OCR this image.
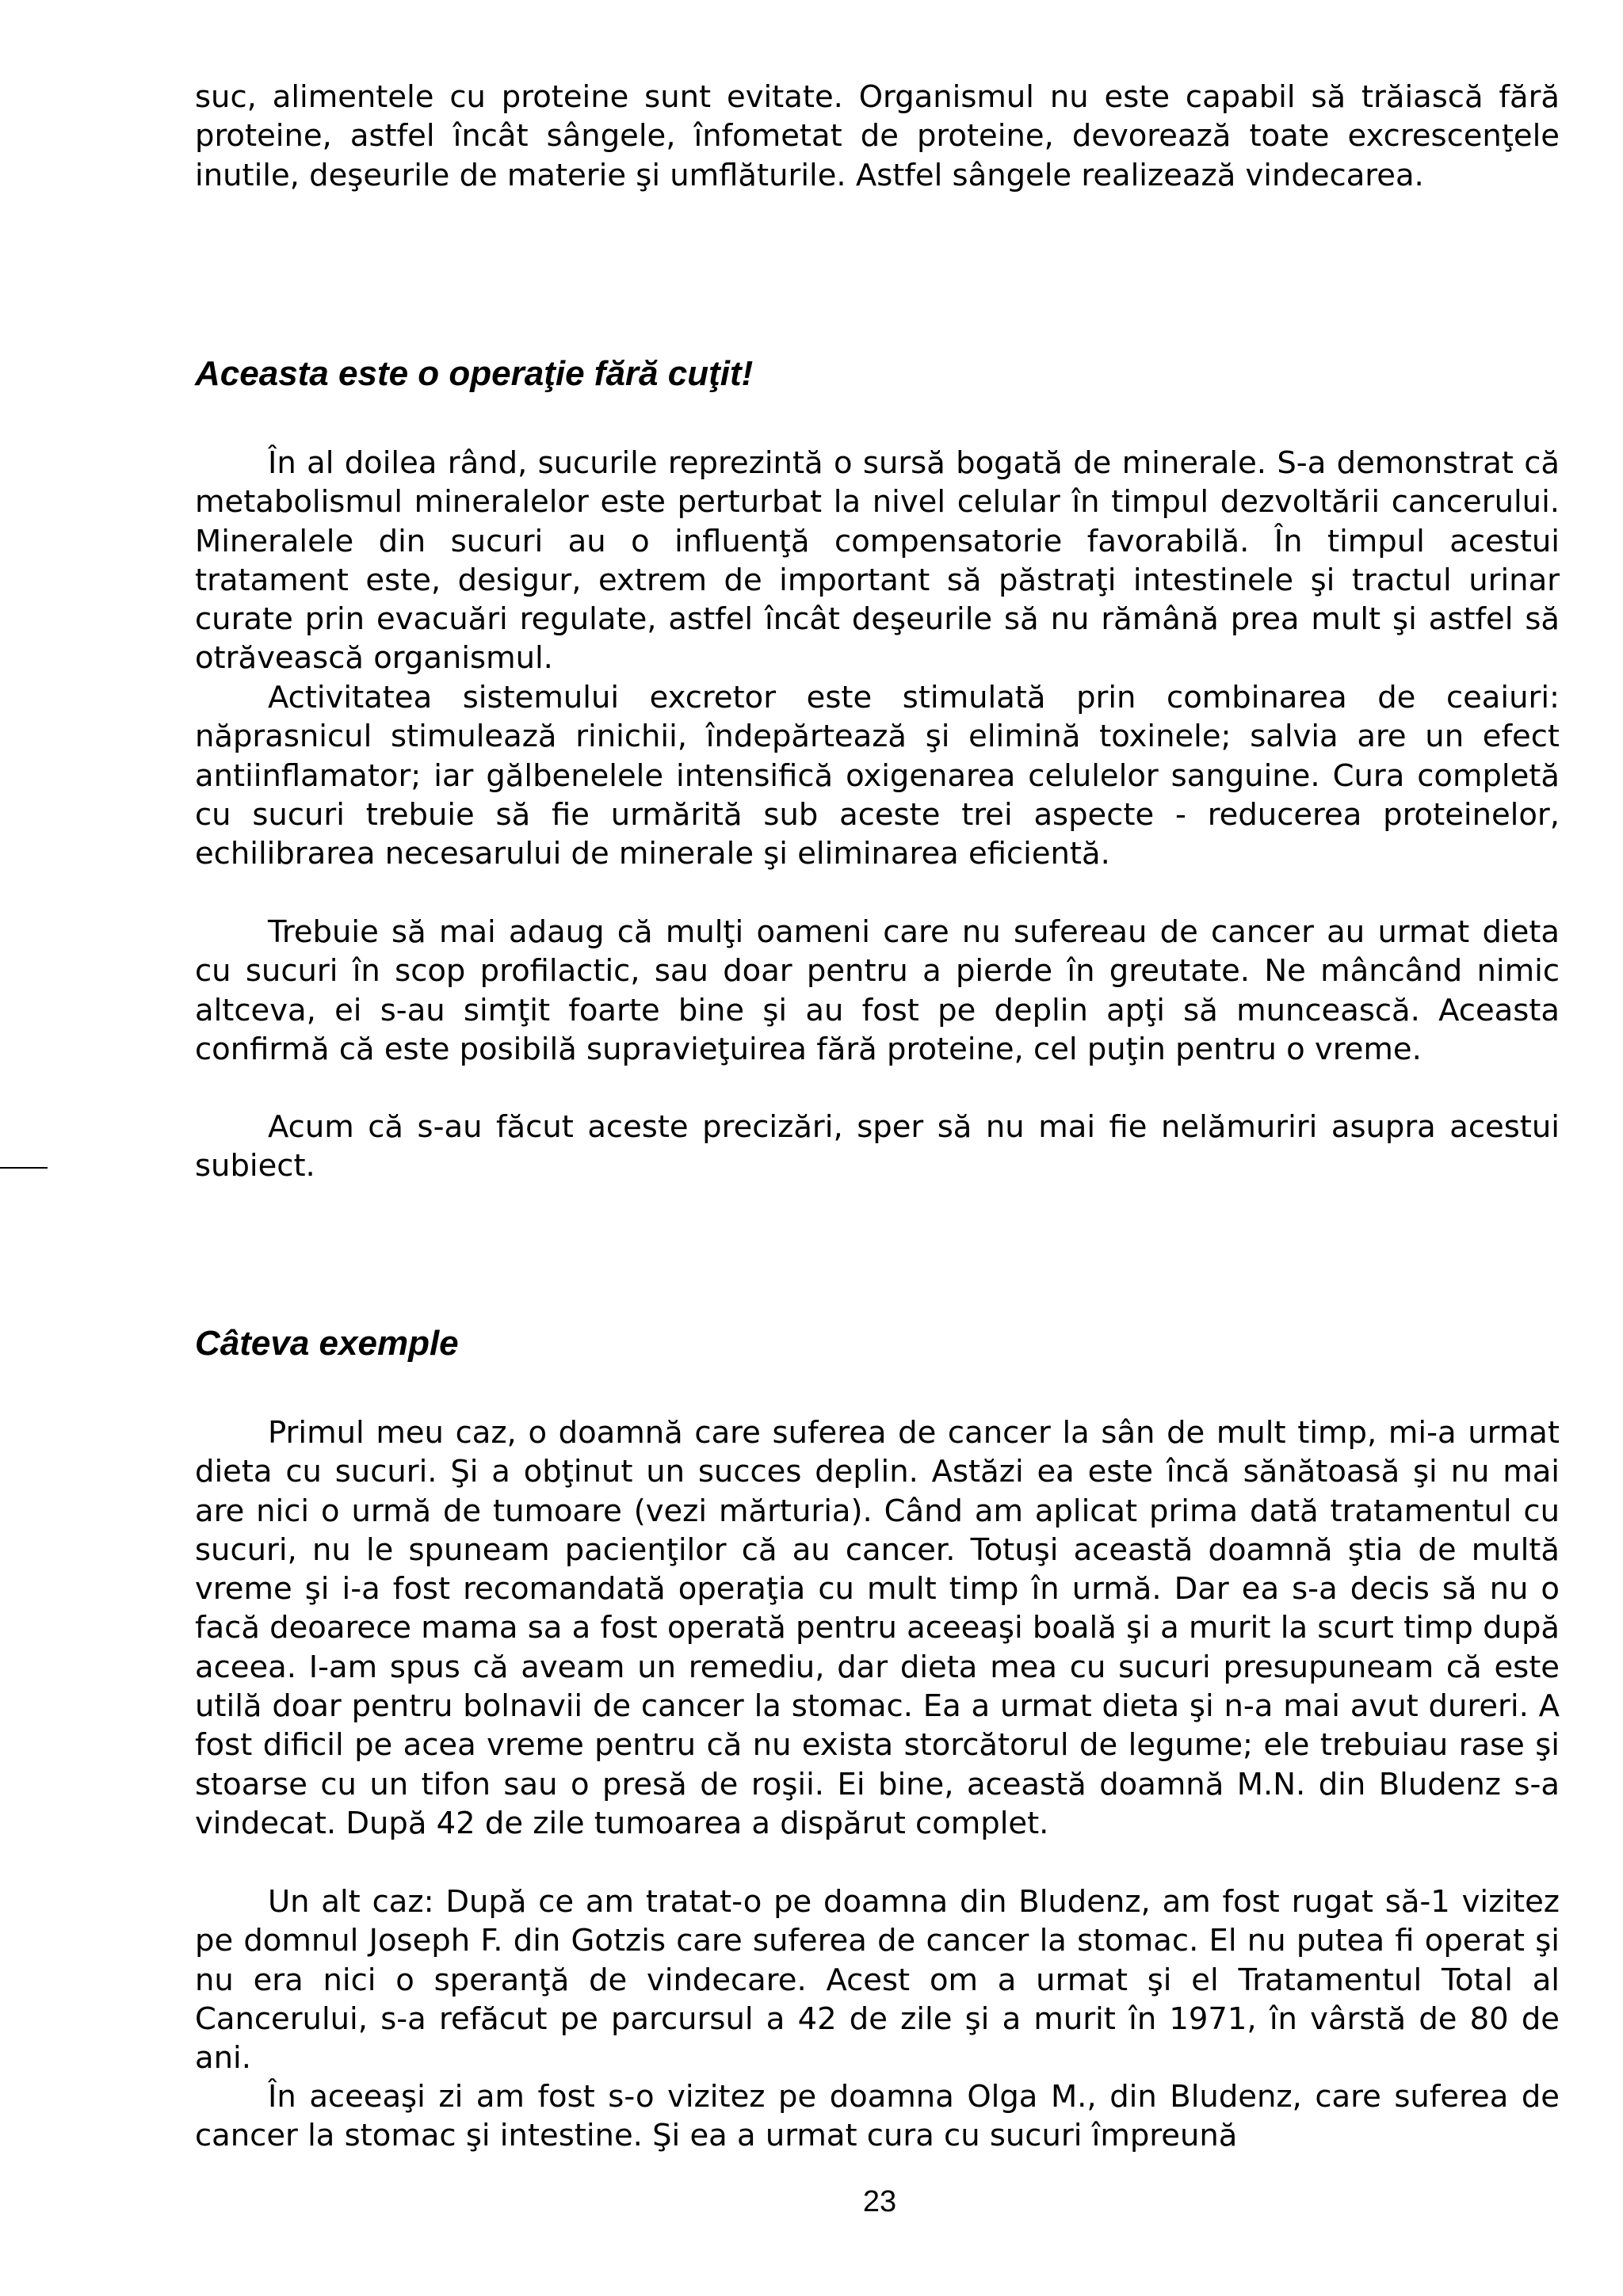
suc, alimentele cu proteine sunt evitate. Organismul nu este capabil să trăiască fără proteine, astfel încât sângele, înfometat de proteine, devorează toate excrescenţele inutile, deşeurile de materie şi umflăturile. Astfel sângele realizează vindecarea.

Aceasta este o operaţie fără cuţit!

În al doilea rând, sucurile reprezintă o sursă bogată de minerale. S-a demonstrat că metabolismul mineralelor este perturbat la nivel celular în timpul dezvoltării cancerului. Mineralele din sucuri au o influenţă compensatorie favorabilă. În timpul acestui tratament este, desigur, extrem de important să păstraţi intestinele şi tractul urinar curate prin evacuări regulate, astfel încât deşeurile să nu rămână prea mult şi astfel să otrăvească organismul.

Activitatea sistemului excretor este stimulată prin combinarea de ceaiuri: năprasnicul stimulează rinichii, îndepărtează şi elimină toxinele; salvia are un efect antiinflamator; iar gălbenelele intensifică oxigenarea celulelor sanguine. Cura completă cu sucuri trebuie să fie urmărită sub aceste trei aspecte - reducerea proteinelor, echilibrarea necesarului de minerale şi eliminarea eficientă.

Trebuie să mai adaug că mulţi oameni care nu sufereau de cancer au urmat dieta cu sucuri în scop profilactic, sau doar pentru a pierde în greutate. Ne mâncând nimic altceva, ei s-au simţit foarte bine şi au fost pe deplin apţi să muncească. Aceasta confirmă că este posibilă supravieţuirea fără proteine, cel puţin pentru o vreme.

Acum că s-au făcut aceste precizări, sper să nu mai fie nelămuriri asupra acestui subiect.

Câteva exemple

Primul meu caz, o doamnă care suferea de cancer la sân de mult timp, mi-a urmat dieta cu sucuri. Şi a obţinut un succes deplin. Astăzi ea este încă sănătoasă şi nu mai are nici o urmă de tumoare (vezi mărturia). Când am aplicat prima dată tratamentul cu sucuri, nu le spuneam pacienţilor că au cancer. Totuşi această doamnă ştia de multă vreme şi i-a fost recomandată operaţia cu mult timp în urmă. Dar ea s-a decis să nu o facă deoarece mama sa a fost operată pentru aceeaşi boală şi a murit la scurt timp după aceea. I-am spus că aveam un remediu, dar dieta mea cu sucuri presupuneam că este utilă doar pentru bolnavii de cancer la stomac. Ea a urmat dieta şi n-a mai avut dureri. A fost dificil pe acea vreme pentru că nu exista storcătorul de legume; ele trebuiau rase şi stoarse cu un tifon sau o presă de roşii. Ei bine, această doamnă M.N. din Bludenz s-a vindecat. După 42 de zile tumoarea a dispărut complet.

Un alt caz: După ce am tratat-o pe doamna din Bludenz, am fost rugat să-1 vizitez pe domnul Joseph F. din Gotzis care suferea de cancer la stomac. El nu putea fi operat şi nu era nici o speranţă de vindecare. Acest om a urmat şi el Tratamentul Total al Cancerului, s-a refăcut pe parcursul a 42 de zile şi a murit în 1971, în vârstă de 80 de ani.

În aceeaşi zi am fost s-o vizitez pe doamna Olga M., din Bludenz, care suferea de cancer la stomac şi intestine. Şi ea a urmat cura cu sucuri împreună

23
